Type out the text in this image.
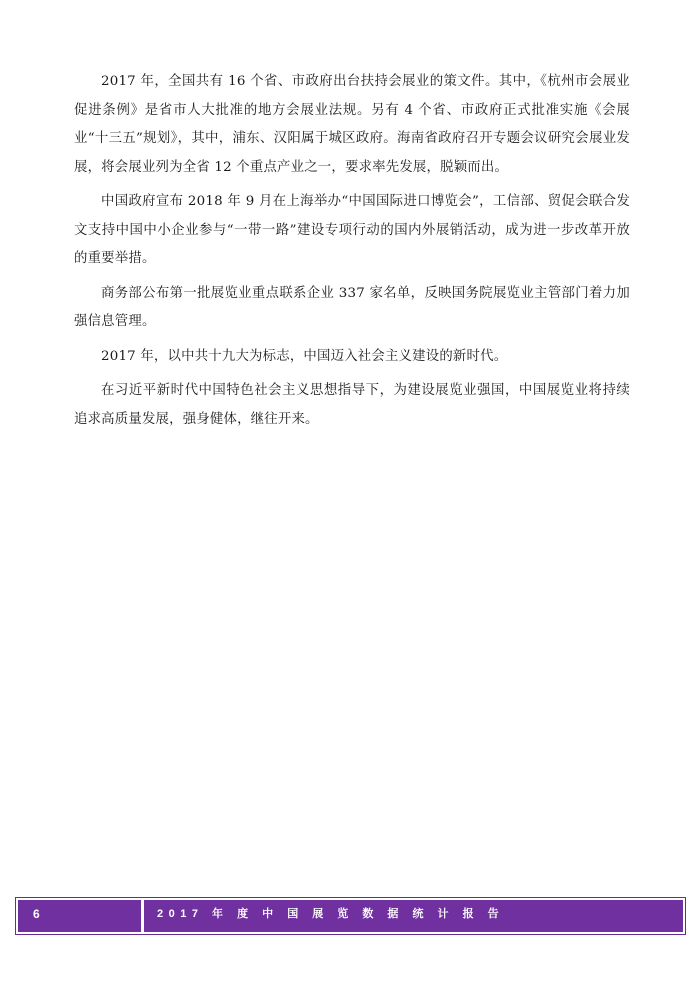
2017 年，全国共有 16 个省、市政府出台扶持会展业的策文件。其中，《杭州市会展业促进条例》是省市人大批准的地方会展业法规。另有 4 个省、市政府正式批准实施《会展业“十三五”规划》，其中，浦东、汉阳属于城区政府。海南省政府召开专题会议研究会展业发展，将会展业列为全省 12 个重点产业之一，要求率先发展，脱颖而出。

中国政府宣布 2018 年 9 月在上海举办“中国国际进口博览会”，工信部、贸促会联合发文支持中国中小企业参与“一带一路”建设专项行动的国内外展销活动，成为进一步改革开放的重要举措。

商务部公布第一批展览业重点联系企业 337 家名单，反映国务院展览业主管部门着力加强信息管理。

2017 年，以中共十九大为标志，中国迈入社会主义建设的新时代。

在习近平新时代中国特色社会主义思想指导下，为建设展览业强国，中国展览业将持续追求高质量发展，强身健体，继往开来。

6	2017 年 度 中 国 展 览 数 据 统 计 报 告
